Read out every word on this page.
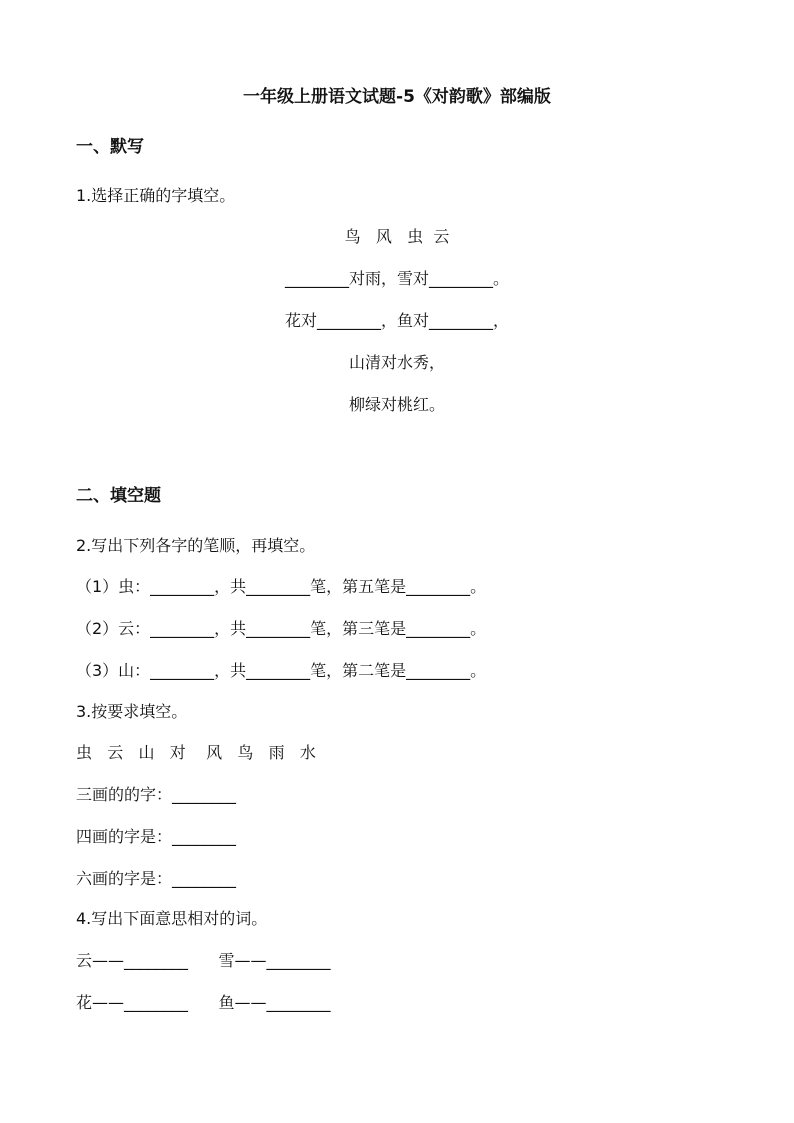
一年级上册语文试题-5《对韵歌》部编版
一、默写
1.选择正确的字填空。
鸟   风   虫  云
________对雨，雪对________。
花对________，鱼对________，
山清对水秀，
柳绿对桃红。
二、填空题
2.写出下列各字的笔顺，再填空。
（1）虫：________，共________笔，第五笔是________。
（2）云：________，共________笔，第三笔是________。
（3）山：________，共________笔，第二笔是________。
3.按要求填空。
虫   云   山   对    风   鸟   雨   水
三画的的字：________
四画的字是：________
六画的字是：________
4.写出下面意思相对的词。
云——________      雪——________
花——________      鱼——________
